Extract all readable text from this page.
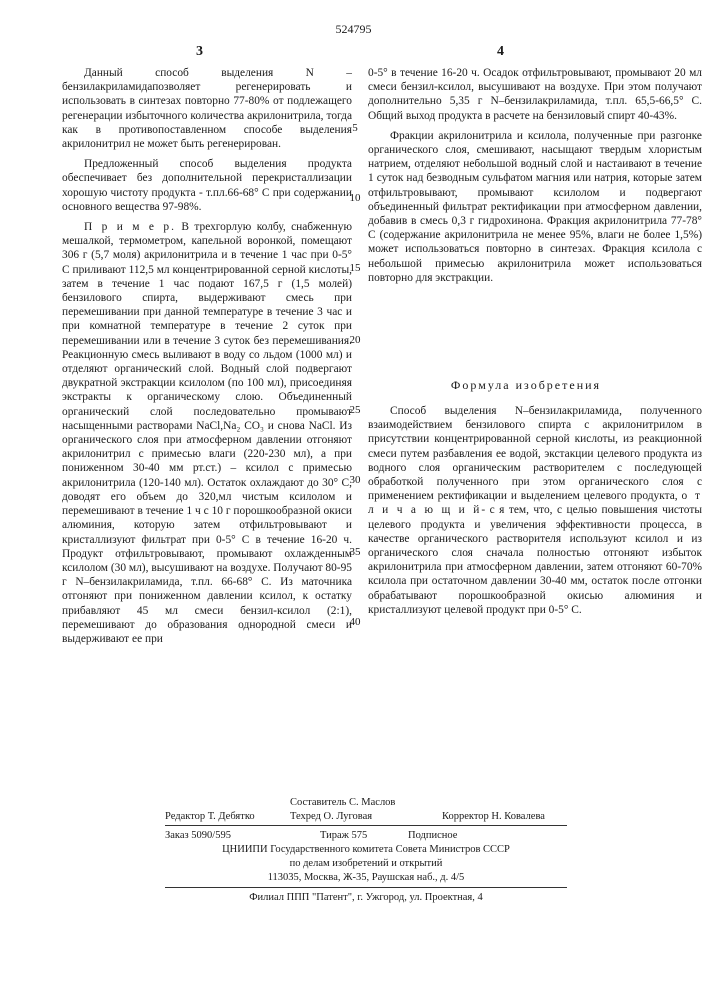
524795
3	4

Данный способ выделения N – бензилакриламидапозволяет регенерировать и использовать в синтезах повторно 77-80% от подлежащего регенерации избыточного количества акрилонитрила, тогда как в противопоставленном способе выделения акрилонитрил не может быть регенерирован.

Предложенный способ выделения продукта обеспечивает без дополнительной перекристаллизации хорошую чистоту продукта - т.пл.66-68° С при содержании основного вещества 97-98%.

П р и м е р. В трехгорлую колбу, снабженную мешалкой, термометром, капельной воронкой, помещают 306 г (5,7 моля) акрилонитрила и в течение 1 час при 0-5° С приливают 112,5 мл концентрированной серной кислоты, затем в течение 1 час подают 167,5 г (1,5 молей) бензилового спирта, выдерживают смесь при перемешивании при данной температуре в течение 3 час и при комнатной температуре в течение 2 суток при перемешивании или в течение 3 суток без перемешивания. Реакционную смесь выливают в воду со льдом (1000 мл) и отделяют органический слой. Водный слой подвергают двукратной экстракции ксилолом (по 100 мл), присоединяя экстракты к органическому слою. Объединенный органический слой последовательно промывают насыщенными растворами NaCl,Na₂ CO₃ и снова NaCl. Из органического слоя при атмосферном давлении отгоняют акрилонитрил с примесью влаги (220-230 мл), а при пониженном 30-40 мм рт.ст.) – ксилол с примесью акрилонитрила (120-140 мл). Остаток охлаждают до 30° С, доводят его объем до 320,мл чистым ксилолом и перемешивают в течение 1 ч с 10 г порошкообразной окиси алюминия, которую затем отфильтровывают и кристаллизуют фильтрат при 0-5° С в течение 16-20 ч. Продукт отфильтровывают, промывают охлажденным ксилолом (30 мл), высушивают на воздухе. Получают 80-95 г N–бензилакриламида, т.пл. 66-68° С. Из маточника отгоняют при пониженном давлении ксилол, к остатку прибавляют 45 мл смеси бензил-ксилол (2:1), перемешивают до образования однородной смеси и выдерживают ее при

0-5° в течение 16-20 ч. Осадок отфильтровывают, промывают 20 мл смеси бензил-ксилол, высушивают на воздухе. При этом получают дополнительно 5,35 г N–бензилакриламида, т.пл. 65,5-66,5° С. Общий выход продукта в расчете на бензиловый спирт 40-43%.

Фракции акрилонитрила и ксилола, полученные при разгонке органического слоя, смешивают, насыщают твердым хлористым натрием, отделяют небольшой водный слой и настаивают в течение 1 суток над безводным сульфатом магния или натрия, которые затем отфильтровывают, промывают ксилолом и подвергают объединенный фильтрат ректификации при атмосферном давлении, добавив в смесь 0,3 г гидрохинона. Фракция акрилонитрила 77-78° С (содержание акрилонитрила не менее 95%, влаги не более 1,5%) может использоваться повторно в синтезах. Фракция ксилола с небольшой примесью акрилонитрила может использоваться повторно для экстракции.

Формула изобретения

Способ выделения N–бензилакриламида, полученного взаимодействием бензилового спирта с акрилонитрилом в присутствии концентрированной серной кислоты, из реакционной смеси путем разбавления ее водой, экстакции целевого продукта из водного слоя органическим растворителем с последующей обработкой полученного при этом органического слоя с применением ректификации и выделением целевого продукта, о т л и ч а ю щ и й- с я тем, что, с целью повышения чистоты целевого продукта и увеличения эффективности процесса, в качестве органического растворителя используют ксилол и из органического слоя сначала полностью отгоняют избыток акрилонитрила при атмосферном давлении, затем отгоняют 60-70% ксилола при остаточном давлении 30-40 мм, остаток после отгонки обрабатывают порошкообразной окисью алюминия и кристаллизуют целевой продукт при 0-5° С.

5
10
15
20
25
30
35
40
Составитель С. Маслов
Редактор Т. Дебятко	Техред О. Луговая	Корректор Н. Ковалева
Заказ 5090/595	Тираж 575	Подписное
ЦНИИПИ Государственного комитета Совета Министров СССР
по делам изобретений и открытий
113035, Москва, Ж-35, Раушская наб., д. 4/5
Филиал ППП "Патент", г. Ужгород, ул. Проектная, 4
